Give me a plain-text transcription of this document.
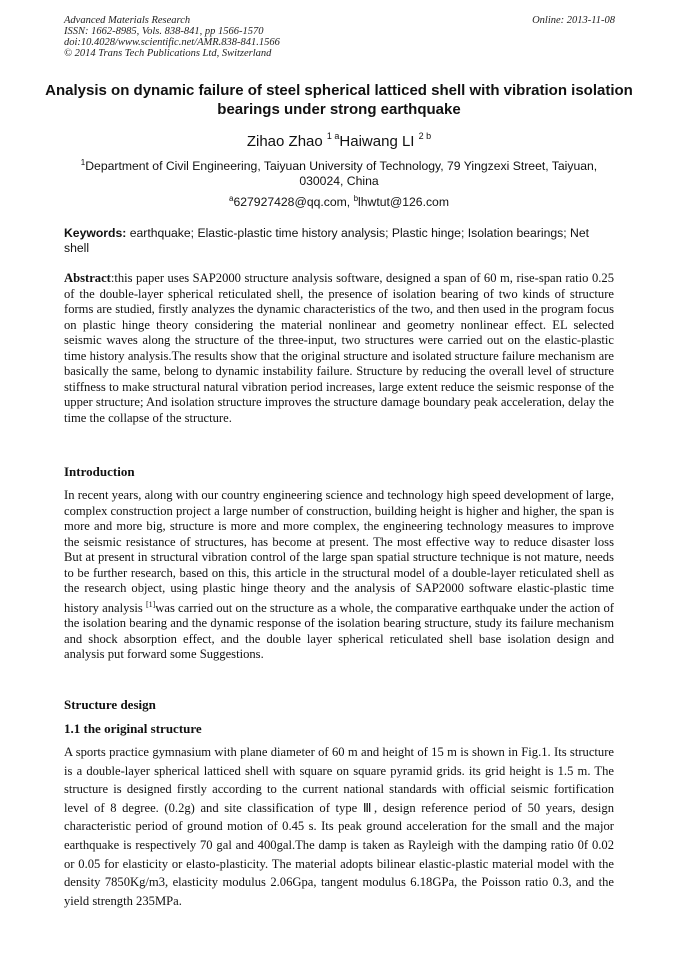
Advanced Materials Research
ISSN: 1662-8985, Vols. 838-841, pp 1566-1570
doi:10.4028/www.scientific.net/AMR.838-841.1566
© 2014 Trans Tech Publications Ltd, Switzerland
Online: 2013-11-08
Analysis on dynamic failure of steel spherical latticed shell with vibration isolation bearings under strong earthquake
Zihao Zhao $^{1 a}$Haiwang LI $^{2 b}$
$^1$Department of Civil Engineering, Taiyuan University of Technology, 79 Yingzexi Street, Taiyuan, 030024, China
$^a$627927428@qq.com, $^b$lhwtut@126.com
Keywords: earthquake; Elastic-plastic time history analysis; Plastic hinge; Isolation bearings; Net shell
Abstract:this paper uses SAP2000 structure analysis software, designed a span of 60 m, rise-span ratio 0.25 of the double-layer spherical reticulated shell, the presence of isolation bearing of two kinds of structure forms are studied, firstly analyzes the dynamic characteristics of the two, and then used in the program focus on plastic hinge theory considering the material nonlinear and geometry nonlinear effect. EL selected seismic waves along the structure of the three-input, two structures were carried out on the elastic-plastic time history analysis.The results show that the original structure and isolated structure failure mechanism are basically the same, belong to dynamic instability failure. Structure by reducing the overall level of structure stiffness to make structural natural vibration period increases, large extent reduce the seismic response of the upper structure; And isolation structure improves the structure damage boundary peak acceleration, delay the time the collapse of the structure.
Introduction
In recent years, along with our country engineering science and technology high speed development of large, complex construction project a large number of construction, building height is higher and higher, the span is more and more big, structure is more and more complex, the engineering technology measures to improve the seismic resistance of structures, has become at present. The most effective way to reduce disaster loss But at present in structural vibration control of the large span spatial structure technique is not mature, needs to be further research, based on this, this article in the structural model of a double-layer reticulated shell as the research object, using plastic hinge theory and the analysis of SAP2000 software elastic-plastic time history analysis [1]was carried out on the structure as a whole, the comparative earthquake under the action of the isolation bearing and the dynamic response of the isolation bearing structure, study its failure mechanism and shock absorption effect, and the double layer spherical reticulated shell base isolation design and analysis put forward some Suggestions.
Structure design
1.1 the original structure
A sports practice gymnasium with plane diameter of 60 m and height of 15 m is shown in Fig.1. Its structure is a double-layer spherical latticed shell with square on square pyramid grids. its grid height is 1.5 m. The structure is designed firstly according to the current national standards with official seismic fortification level of 8 degree. (0.2g) and site classification of type Ⅲ, design reference period of 50 years, design characteristic period of ground motion of 0.45 s. Its peak ground acceleration for the small and the major earthquake is respectively 70 gal and 400gal.The damp is taken as Rayleigh with the damping ratio 0f 0.02 or 0.05 for elasticity or elasto-plasticity. The material adopts bilinear elastic-plastic material model with the density 7850Kg/m3, elasticity modulus 2.06Gpa, tangent modulus 6.18GPa, the Poisson ratio 0.3, and the yield strength 235MPa.
